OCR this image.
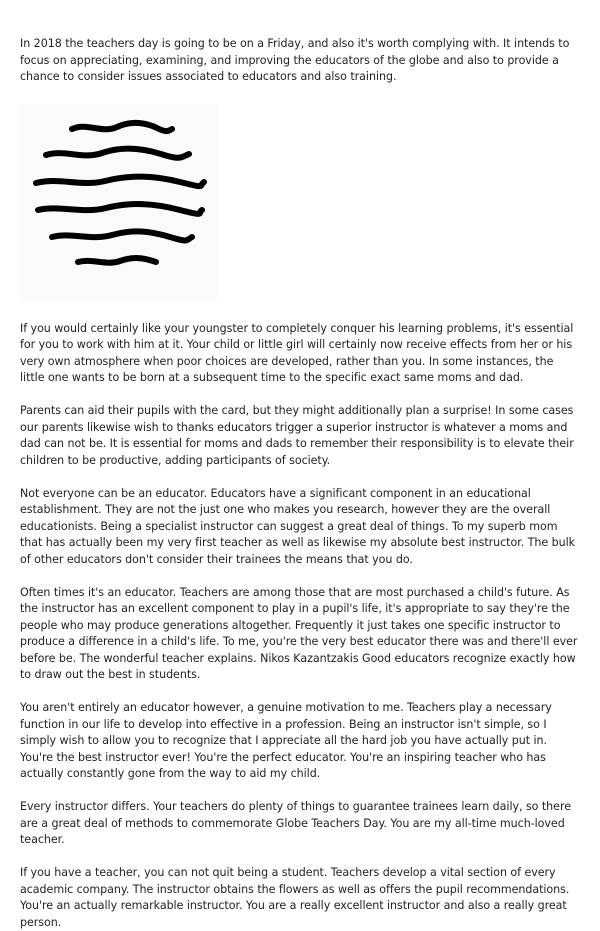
In 2018 the teachers day is going to be on a Friday, and also it's worth complying with. It intends to focus on appreciating, examining, and improving the educators of the globe and also to provide a chance to consider issues associated to educators and also training.

If you would certainly like your youngster to completely conquer his learning problems, it's essential for you to work with him at it. Your child or little girl will certainly now receive effects from her or his very own atmosphere when poor choices are developed, rather than you. In some instances, the little one wants to be born at a subsequent time to the specific exact same moms and dad.

Parents can aid their pupils with the card, but they might additionally plan a surprise! In some cases our parents likewise wish to thanks educators trigger a superior instructor is whatever a moms and dad can not be. It is essential for moms and dads to remember their responsibility is to elevate their children to be productive, adding participants of society.

Not everyone can be an educator. Educators have a significant component in an educational establishment. They are not the just one who makes you research, however they are the overall educationists. Being a specialist instructor can suggest a great deal of things. To my superb mom that has actually been my very first teacher as well as likewise my absolute best instructor. The bulk of other educators don't consider their trainees the means that you do.

Often times it's an educator. Teachers are among those that are most purchased a child's future. As the instructor has an excellent component to play in a pupil's life, it's appropriate to say they're the people who may produce generations altogether. Frequently it just takes one specific instructor to produce a difference in a child's life. To me, you're the very best educator there was and there'll ever before be. The wonderful teacher explains. Nikos Kazantzakis Good educators recognize exactly how to draw out the best in students.

You aren't entirely an educator however, a genuine motivation to me. Teachers play a necessary function in our life to develop into effective in a profession. Being an instructor isn't simple, so I simply wish to allow you to recognize that I appreciate all the hard job you have actually put in. You're the best instructor ever! You're the perfect educator. You're an inspiring teacher who has actually constantly gone from the way to aid my child.

Every instructor differs. Your teachers do plenty of things to guarantee trainees learn daily, so there are a great deal of methods to commemorate Globe Teachers Day. You are my all-time much-loved teacher.

If you have a teacher, you can not quit being a student. Teachers develop a vital section of every academic company. The instructor obtains the flowers as well as offers the pupil recommendations. You're an actually remarkable instructor. You are a really excellent instructor and also a really great person.
